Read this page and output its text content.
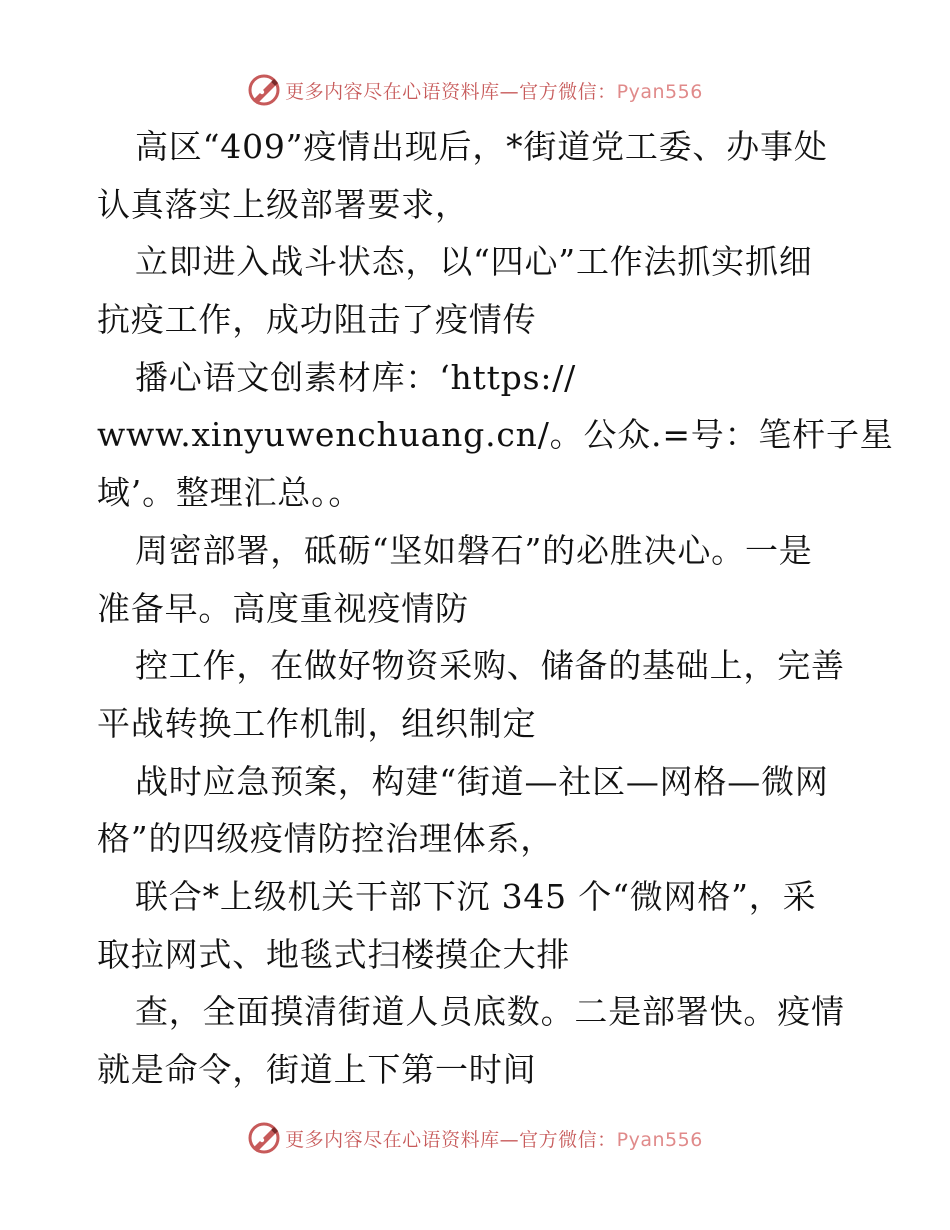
更多内容尽在心语资料库—官方微信：Pyan556
高区“409”疫情出现后，*街道党工委、办事处
认真落实上级部署要求，
立即进入战斗状态，以“四心”工作法抓实抓细
抗疫工作，成功阻击了疫情传
播心语文创素材库：‘https://
www.xinyuwenchuang.cn/。公众.=号：笔杆子星
域’。整理汇总。。
周密部署，砥砺“坚如磐石”的必胜决心。一是
准备早。高度重视疫情防
控工作，在做好物资采购、储备的基础上，完善
平战转换工作机制，组织制定
战时应急预案，构建“街道—社区—网格—微网
格”的四级疫情防控治理体系，
联合*上级机关干部下沉 345 个“微网格”，采
取拉网式、地毯式扫楼摸企大排
查，全面摸清街道人员底数。二是部署快。疫情
就是命令，街道上下第一时间
更多内容尽在心语资料库—官方微信：Pyan556
